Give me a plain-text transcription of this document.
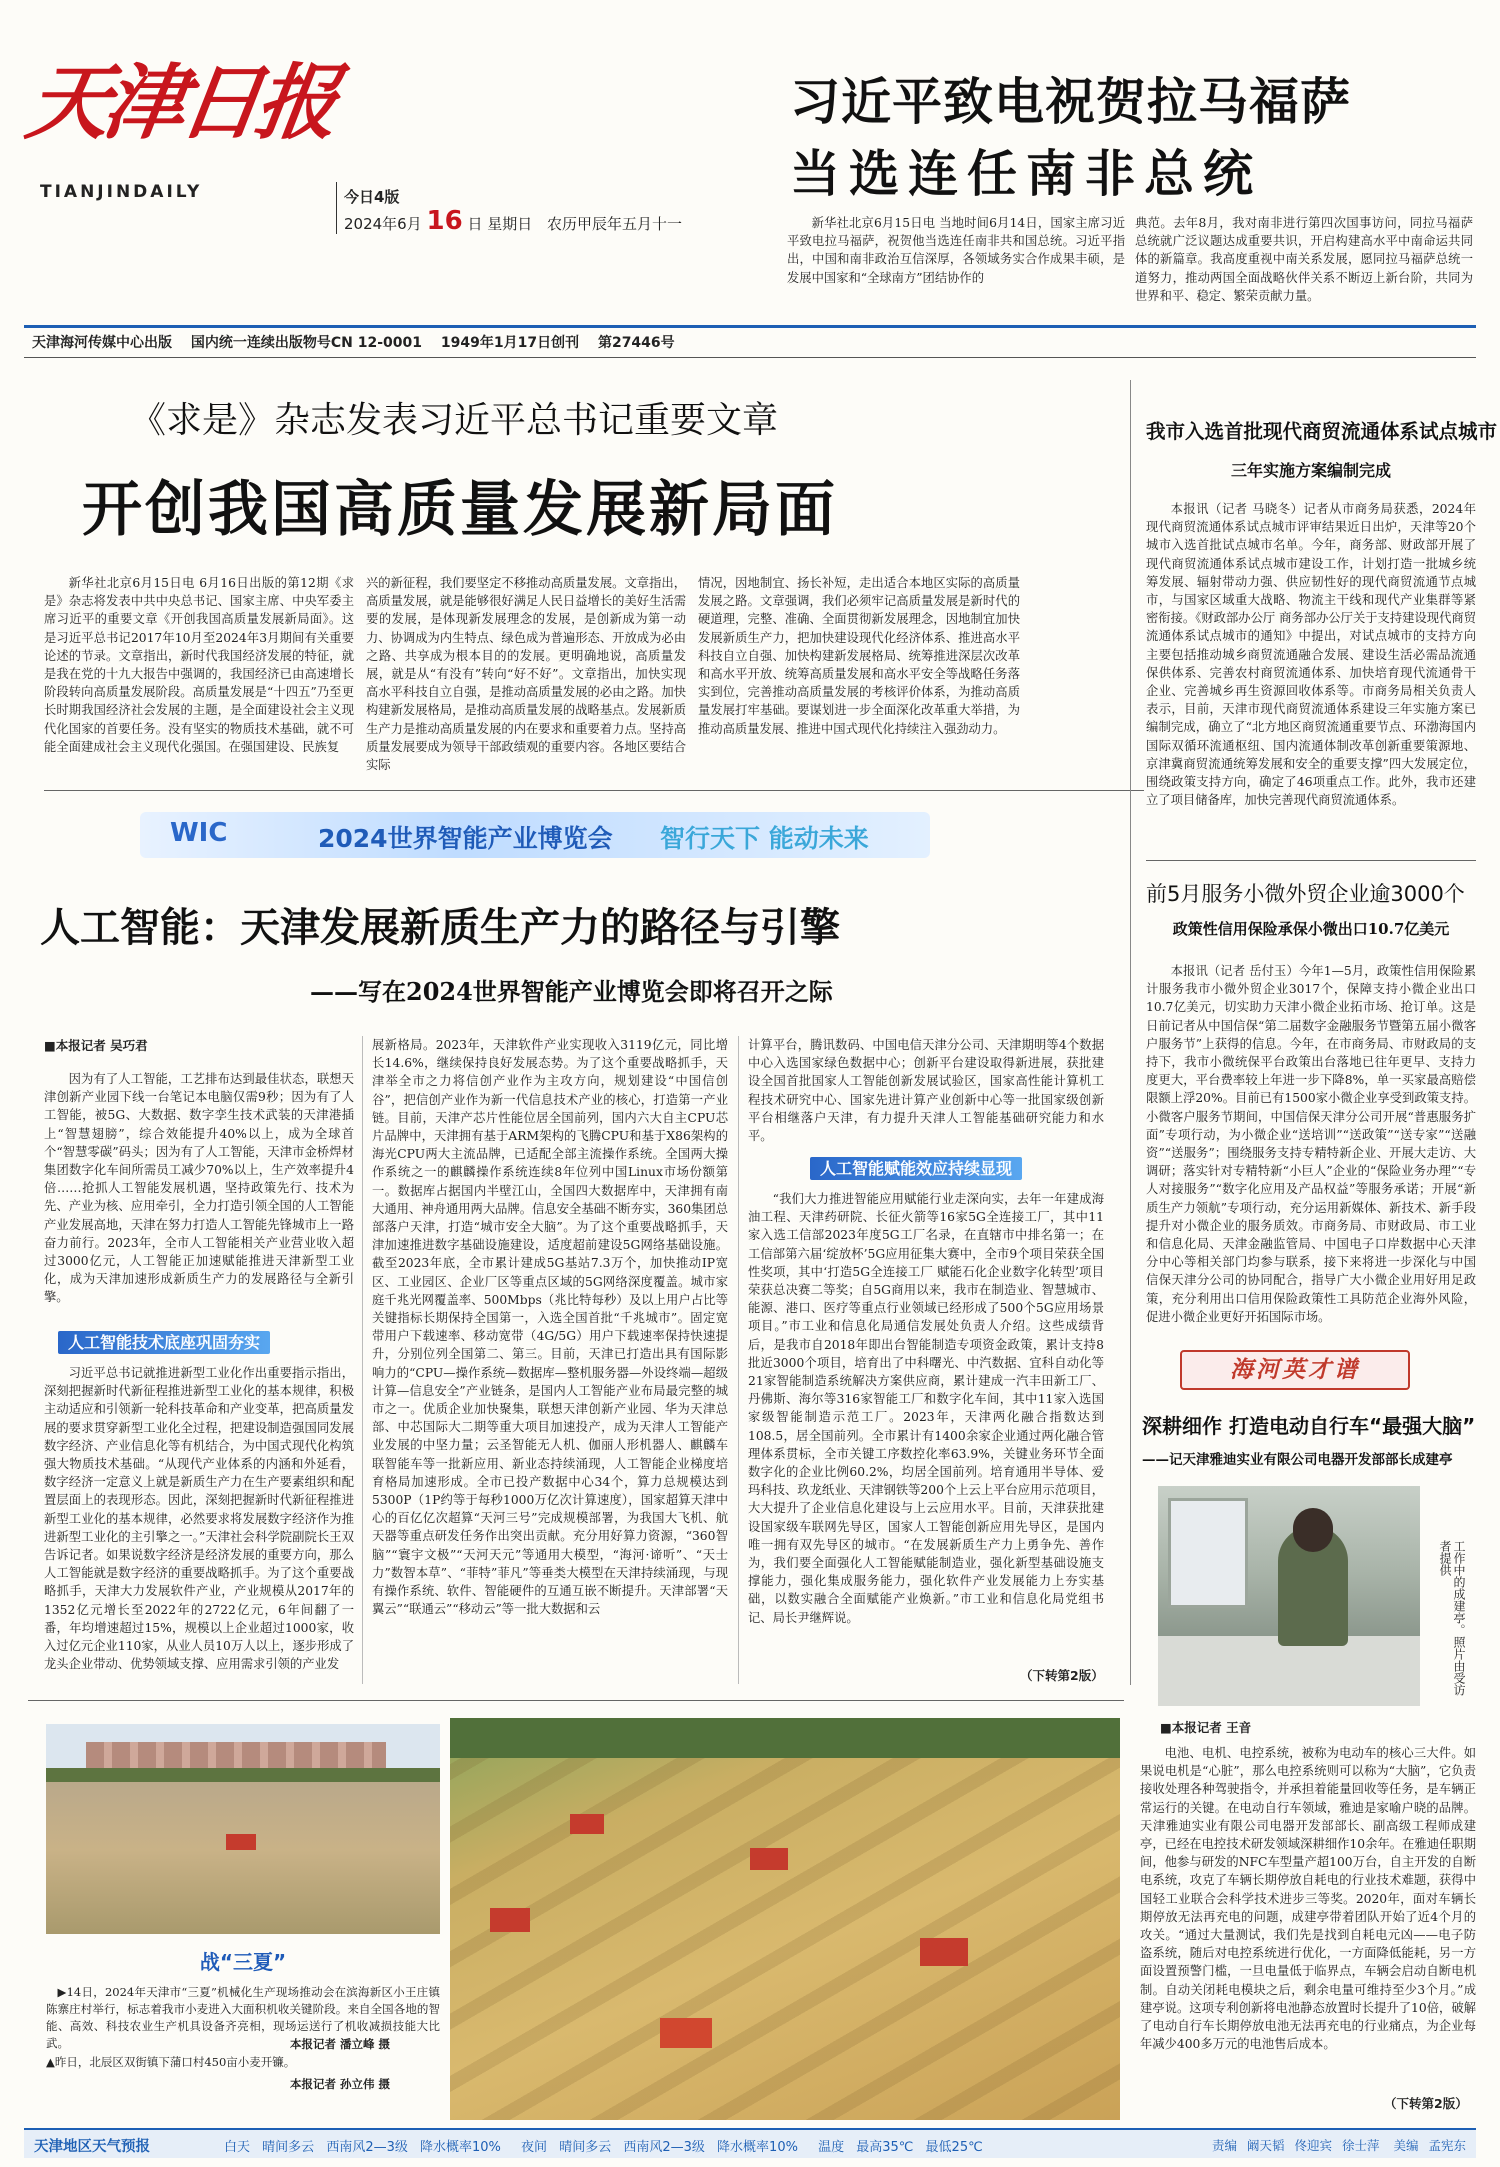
天津日报
TIANJINDAILY	今日4版
2024年6月 16 日 星期日 农历甲辰年五月十一
习近平致电祝贺拉马福萨
当选连任南非总统
新华社北京6月15日电 当地时间6月14日，国家主席习近平致电拉马福萨，祝贺他当选连任南非共和国总统。习近平指出，中国和南非政治互信深厚，各领域务实合作成果丰硕，是发展中国家和“全球南方”团结协作的
典范。去年8月，我对南非进行第四次国事访问，同拉马福萨总统就广泛议题达成重要共识，开启构建高水平中南命运共同体的新篇章。我高度重视中南关系发展，愿同拉马福萨总统一道努力，推动两国全面战略伙伴关系不断迈上新台阶，共同为世界和平、稳定、繁荣贡献力量。
天津海河传媒中心出版 国内统一连续出版物号CN 12-0001 1949年1月17日创刊 第27446号
《求是》杂志发表习近平总书记重要文章
开创我国高质量发展新局面
新华社北京6月15日电 6月16日出版的第12期《求是》杂志将发表中共中央总书记、国家主席、中央军委主席习近平的重要文章《开创我国高质量发展新局面》。这是习近平总书记2017年10月至2024年3月期间有关重要论述的节录。文章指出，新时代我国经济发展的特征，就是我在党的十九大报告中强调的，我国经济已由高速增长阶段转向高质量发展阶段。高质量发展是“十四五”乃至更长时期我国经济社会发展的主题，是全面建设社会主义现代化国家的首要任务。没有坚实的物质技术基础，就不可能全面建成社会主义现代化强国。在强国建设、民族复
兴的新征程，我们要坚定不移推动高质量发展。文章指出，高质量发展，就是能够很好满足人民日益增长的美好生活需要的发展，是体现新发展理念的发展，是创新成为第一动力、协调成为内生特点、绿色成为普遍形态、开放成为必由之路、共享成为根本目的的发展。更明确地说，高质量发展，就是从“有没有”转向“好不好”。文章指出，加快实现高水平科技自立自强，是推动高质量发展的必由之路。加快构建新发展格局，是推动高质量发展的战略基点。发展新质生产力是推动高质量发展的内在要求和重要着力点。坚持高质量发展要成为领导干部政绩观的重要内容。各地区要结合实际
情况，因地制宜、扬长补短，走出适合本地区实际的高质量发展之路。文章强调，我们必须牢记高质量发展是新时代的硬道理，完整、准确、全面贯彻新发展理念，因地制宜加快发展新质生产力，把加快建设现代化经济体系、推进高水平科技自立自强、加快构建新发展格局、统筹推进深层次改革和高水平开放、统筹高质量发展和高水平安全等战略任务落实到位，完善推动高质量发展的考核评价体系，为推动高质量发展打牢基础。要谋划进一步全面深化改革重大举措，为推动高质量发展、推进中国式现代化持续注入强劲动力。
我市入选首批现代商贸流通体系试点城市
三年实施方案编制完成
本报讯（记者 马晓冬）记者从市商务局获悉，2024年现代商贸流通体系试点城市评审结果近日出炉，天津等20个城市入选首批试点城市名单。今年，商务部、财政部开展了现代商贸流通体系试点城市建设工作，计划打造一批城乡统筹发展、辐射带动力强、供应韧性好的现代商贸流通节点城市，与国家区域重大战略、物流主干线和现代产业集群等紧密衔接。《财政部办公厅 商务部办公厅关于支持建设现代商贸流通体系试点城市的通知》中提出，对试点城市的支持方向主要包括推动城乡商贸流通融合发展、建设生活必需品流通保供体系、完善农村商贸流通体系、加快培育现代流通骨干企业、完善城乡再生资源回收体系等。市商务局相关负责人表示，目前，天津市现代商贸流通体系建设三年实施方案已编制完成，确立了“北方地区商贸流通重要节点、环渤海国内国际双循环流通枢纽、国内流通体制改革创新重要策源地、京津冀商贸流通统筹发展和安全的重要支撑”四大发展定位，围绕政策支持方向，确定了46项重点工作。此外，我市还建立了项目储备库，加快完善现代商贸流通体系。
前5月服务小微外贸企业逾3000个
政策性信用保险承保小微出口10.7亿美元
本报讯（记者 岳付玉）今年1—5月，政策性信用保险累计服务我市小微外贸企业3017个，保障支持小微企业出口10.7亿美元，切实助力天津小微企业拓市场、抢订单。这是日前记者从中国信保“第二届数字金融服务节暨第五届小微客户服务节”上获得的信息。今年，在市商务局、市财政局的支持下，我市小微统保平台政策出台落地已往年更早、支持力度更大，平台费率较上年进一步下降8%，单一买家最高赔偿限额上浮20%。目前已有1500家小微企业享受到政策支持。小微客户服务节期间，中国信保天津分公司开展“普惠服务扩面”专项行动，为小微企业“送培训”“送政策”“送专家”“送融资”“送服务”；围绕服务支持专精特新企业、开展大走访、大调研；落实针对专精特新“小巨人”企业的“保险业务办理”“专人对接服务”“数字化应用及产品权益”等服务承诺；开展“新质生产力领航”专项行动，充分运用新媒体、新技术、新手段提升对小微企业的服务质效。市商务局、市财政局、市工业和信息化局、天津金融监管局、中国电子口岸数据中心天津分中心等相关部门均参与联系，接下来将进一步深化与中国信保天津分公司的协同配合，指导广大小微企业用好用足政策，充分利用出口信用保险政策性工具防范企业海外风险，促进小微企业更好开拓国际市场。
海河英才谱
深耕细作 打造电动自行车“最强大脑”
——记天津雅迪实业有限公司电器开发部部长成建亭
工作中的成建亭。照片由受访者提供
■本报记者 王音
电池、电机、电控系统，被称为电动车的核心三大件。如果说电机是“心脏”，那么电控系统则可以称为“大脑”，它负责接收处理各种驾驶指令，并承担着能量回收等任务，是车辆正常运行的关键。在电动自行车领域，雅迪是家喻户晓的品牌。天津雅迪实业有限公司电器开发部部长、副高级工程师成建亭，已经在电控技术研发领域深耕细作10余年。在雅迪任职期间，他参与研发的NFC车型量产超100万台，自主开发的自断电系统，攻克了车辆长期停放自耗电的行业技术难题，获得中国轻工业联合会科学技术进步三等奖。2020年，面对车辆长期停放无法再充电的问题，成建亭带着团队开始了近4个月的攻关。“通过大量测试，我们先是找到自耗电元凶——电子防盗系统，随后对电控系统进行优化，一方面降低能耗，另一方面设置预警门槛，一旦电量低于临界点，车辆会启动自断电机制。自动关闭耗电模块之后，剩余电量可维持至少3个月。”成建亭说。这项专利创新将电池静态放置时长提升了10倍，破解了电动自行车长期停放电池无法再充电的行业痛点，为企业每年减少400多万元的电池售后成本。
（下转第2版）
WIC	2024世界智能产业博览会 智行天下 能动未来
人工智能：天津发展新质生产力的路径与引擎
——写在2024世界智能产业博览会即将召开之际
■本报记者 吴巧君
因为有了人工智能，工艺排布达到最佳状态，联想天津创新产业园下线一台笔记本电脑仅需9秒；因为有了人工智能，被5G、大数据、数字孪生技术武装的天津港插上“智慧翅膀”，综合效能提升40%以上，成为全球首个“智慧零碳”码头；因为有了人工智能，天津市金桥焊材集团数字化车间所需员工减少70%以上，生产效率提升4倍……抢抓人工智能发展机遇，坚持政策先行、技术为先、产业为核、应用牵引，全力打造引领全国的人工智能产业发展高地，天津在努力打造人工智能先锋城市上一路奋力前行。2023年，全市人工智能相关产业营业收入超过3000亿元，人工智能正加速赋能推进天津新型工业化，成为天津加速形成新质生产力的发展路径与全新引擎。
人工智能技术底座巩固夯实
习近平总书记就推进新型工业化作出重要指示指出，深刻把握新时代新征程推进新型工业化的基本规律，积极主动适应和引领新一轮科技革命和产业变革，把高质量发展的要求贯穿新型工业化全过程，把建设制造强国同发展数字经济、产业信息化等有机结合，为中国式现代化构筑强大物质技术基础。“从现代产业体系的内涵和外延看，数字经济一定意义上就是新质生产力在生产要素组织和配置层面上的表现形态。因此，深刻把握新时代新征程推进新型工业化的基本规律，必然要求将发展数字经济作为推进新型工业化的主引擎之一。”天津社会科学院副院长王双告诉记者。如果说数字经济是经济发展的重要方向，那么人工智能就是数字经济的重要战略抓手。为了这个重要战略抓手，天津大力发展软件产业，产业规模从2017年的1352亿元增长至2022年的2722亿元，6年间翻了一番，年均增速超过15%，规模以上企业超过1000家，收入过亿元企业110家，从业人员10万人以上，逐步形成了龙头企业带动、优势领域支撑、应用需求引领的产业发
展新格局。2023年，天津软件产业实现收入3119亿元，同比增长14.6%，继续保持良好发展态势。为了这个重要战略抓手，天津举全市之力将信创产业作为主攻方向，规划建设“中国信创谷”，把信创产业作为新一代信息技术产业的核心，打造第一产业链。目前，天津产芯片性能位居全国前列，国内六大自主CPU芯片品牌中，天津拥有基于ARM架构的飞腾CPU和基于X86架构的海光CPU两大主流品牌，已适配全部主流操作系统。全国两大操作系统之一的麒麟操作系统连续8年位列中国Linux市场份额第一。数据库占据国内半壁江山，全国四大数据库中，天津拥有南大通用、神舟通用两大品牌。信息安全基础不断夯实，360集团总部落户天津，打造“城市安全大脑”。为了这个重要战略抓手，天津加速推进数字基础设施建设，适度超前建设5G网络基础设施。截至2023年底，全市累计建成5G基站7.3万个，加快推动IP宽区、工业园区、企业厂区等重点区域的5G网络深度覆盖。城市家庭千兆光网覆盖率、500Mbps（兆比特每秒）及以上用户占比等关键指标长期保持全国第一，入选全国首批“千兆城市”。固定宽带用户下载速率、移动宽带（4G/5G）用户下载速率保持快速提升，分别位列全国第二、第三。目前，天津已打造出具有国际影响力的“CPU—操作系统—数据库—整机服务器—外设终端—超级计算—信息安全”产业链条，是国内人工智能产业布局最完整的城市之一。优质企业加快聚集，联想天津创新产业园、华为天津总部、中芯国际大二期等重大项目加速投产，成为天津人工智能产业发展的中坚力量；云圣智能无人机、伽丽人形机器人、麒麟车联智能车等一批新应用、新业态持续涌现，人工智能企业梯度培育格局加速形成。全市已投产数据中心34个，算力总规模达到5300P（1P约等于每秒1000万亿次计算速度），国家超算天津中心的百亿亿次超算“天河三号”完成规模部署，为我国大飞机、航天器等重点研发任务作出突出贡献。充分用好算力资源，“360智脑”“寰宇文极”“天河天元”等通用大模型，“海河·谛听”、“天士力”数智本草”、“菲特”菲凡”等垂类大模型在天津持续涌现，与现有操作系统、软件、智能硬件的互通互嵌不断提升。天津部署“天翼云”“联通云”“移动云”等一批大数据和云
计算平台，腾讯数码、中国电信天津分公司、天津期明等4个数据中心入选国家绿色数据中心；创新平台建设取得新进展，获批建设全国首批国家人工智能创新发展试验区，国家高性能计算机工程技术研究中心、国家先进计算产业创新中心等一批国家级创新平台相继落户天津，有力提升天津人工智能基础研究能力和水平。
人工智能赋能效应持续显现
“我们大力推进智能应用赋能行业走深向实，去年一年建成海油工程、天津药研院、长征火箭等16家5G全连接工厂，其中11家入选工信部2023年度5G工厂名录，在直辖市中排名第一；在工信部第六届‘绽放杯’5G应用征集大赛中，全市9个项目荣获全国性奖项，其中‘打造5G全连接工厂 赋能石化企业数字化转型’项目荣获总决赛二等奖；自5G商用以来，我市在制造业、智慧城市、能源、港口、医疗等重点行业领域已经形成了500个5G应用场景项目。”市工业和信息化局通信发展处负责人介绍。这些成绩背后，是我市自2018年即出台智能制造专项资金政策，累计支持8批近3000个项目，培育出了中科曙光、中汽数据、宜科自动化等21家智能制造系统解决方案供应商，累计建成一汽丰田新工厂、丹佛斯、海尔等316家智能工厂和数字化车间，其中11家入选国家级智能制造示范工厂。2023年，天津两化融合指数达到108.5，居全国前列。全市累计有1400余家企业通过两化融合管理体系贯标，全市关键工序数控化率63.9%，关键业务环节全面数字化的企业比例60.2%，均居全国前列。培育通用半导体、爱玛科技、玖龙纸业、天津钢铁等200个上云上平台应用示范项目，大大提升了企业信息化建设与上云应用水平。目前，天津获批建设国家级车联网先导区，国家人工智能创新应用先导区，是国内唯一拥有双先导区的城市。“在发展新质生产力上勇争先、善作为，我们要全面强化人工智能赋能制造业，强化新型基础设施支撑能力，强化集成服务能力，强化软件产业发展能力上夯实基础，以数实融合全面赋能产业焕新。”市工业和信息化局党组书记、局长尹继辉说。
（下转第2版）
战“三夏”
▶14日，2024年天津市“三夏”机械化生产现场推动会在滨海新区小王庄镇陈寨庄村举行，标志着我市小麦进入大面积机收关键阶段。来自全国各地的智能、高效、科技农业生产机具设备齐亮相，现场运送行了机收减损技能大比武。	本报记者 潘立峰 摄
▲昨日，北辰区双街镇下蒲口村450亩小麦开镰。
本报记者 孙立伟 摄
天津地区天气预报	白天 晴间多云 西南风2—3级 降水概率10% 夜间 晴间多云 西南风2—3级 降水概率10% 温度 最高35℃ 最低25℃	责编 阚天韬 佟迎宾 徐士萍 美编 孟宪东
